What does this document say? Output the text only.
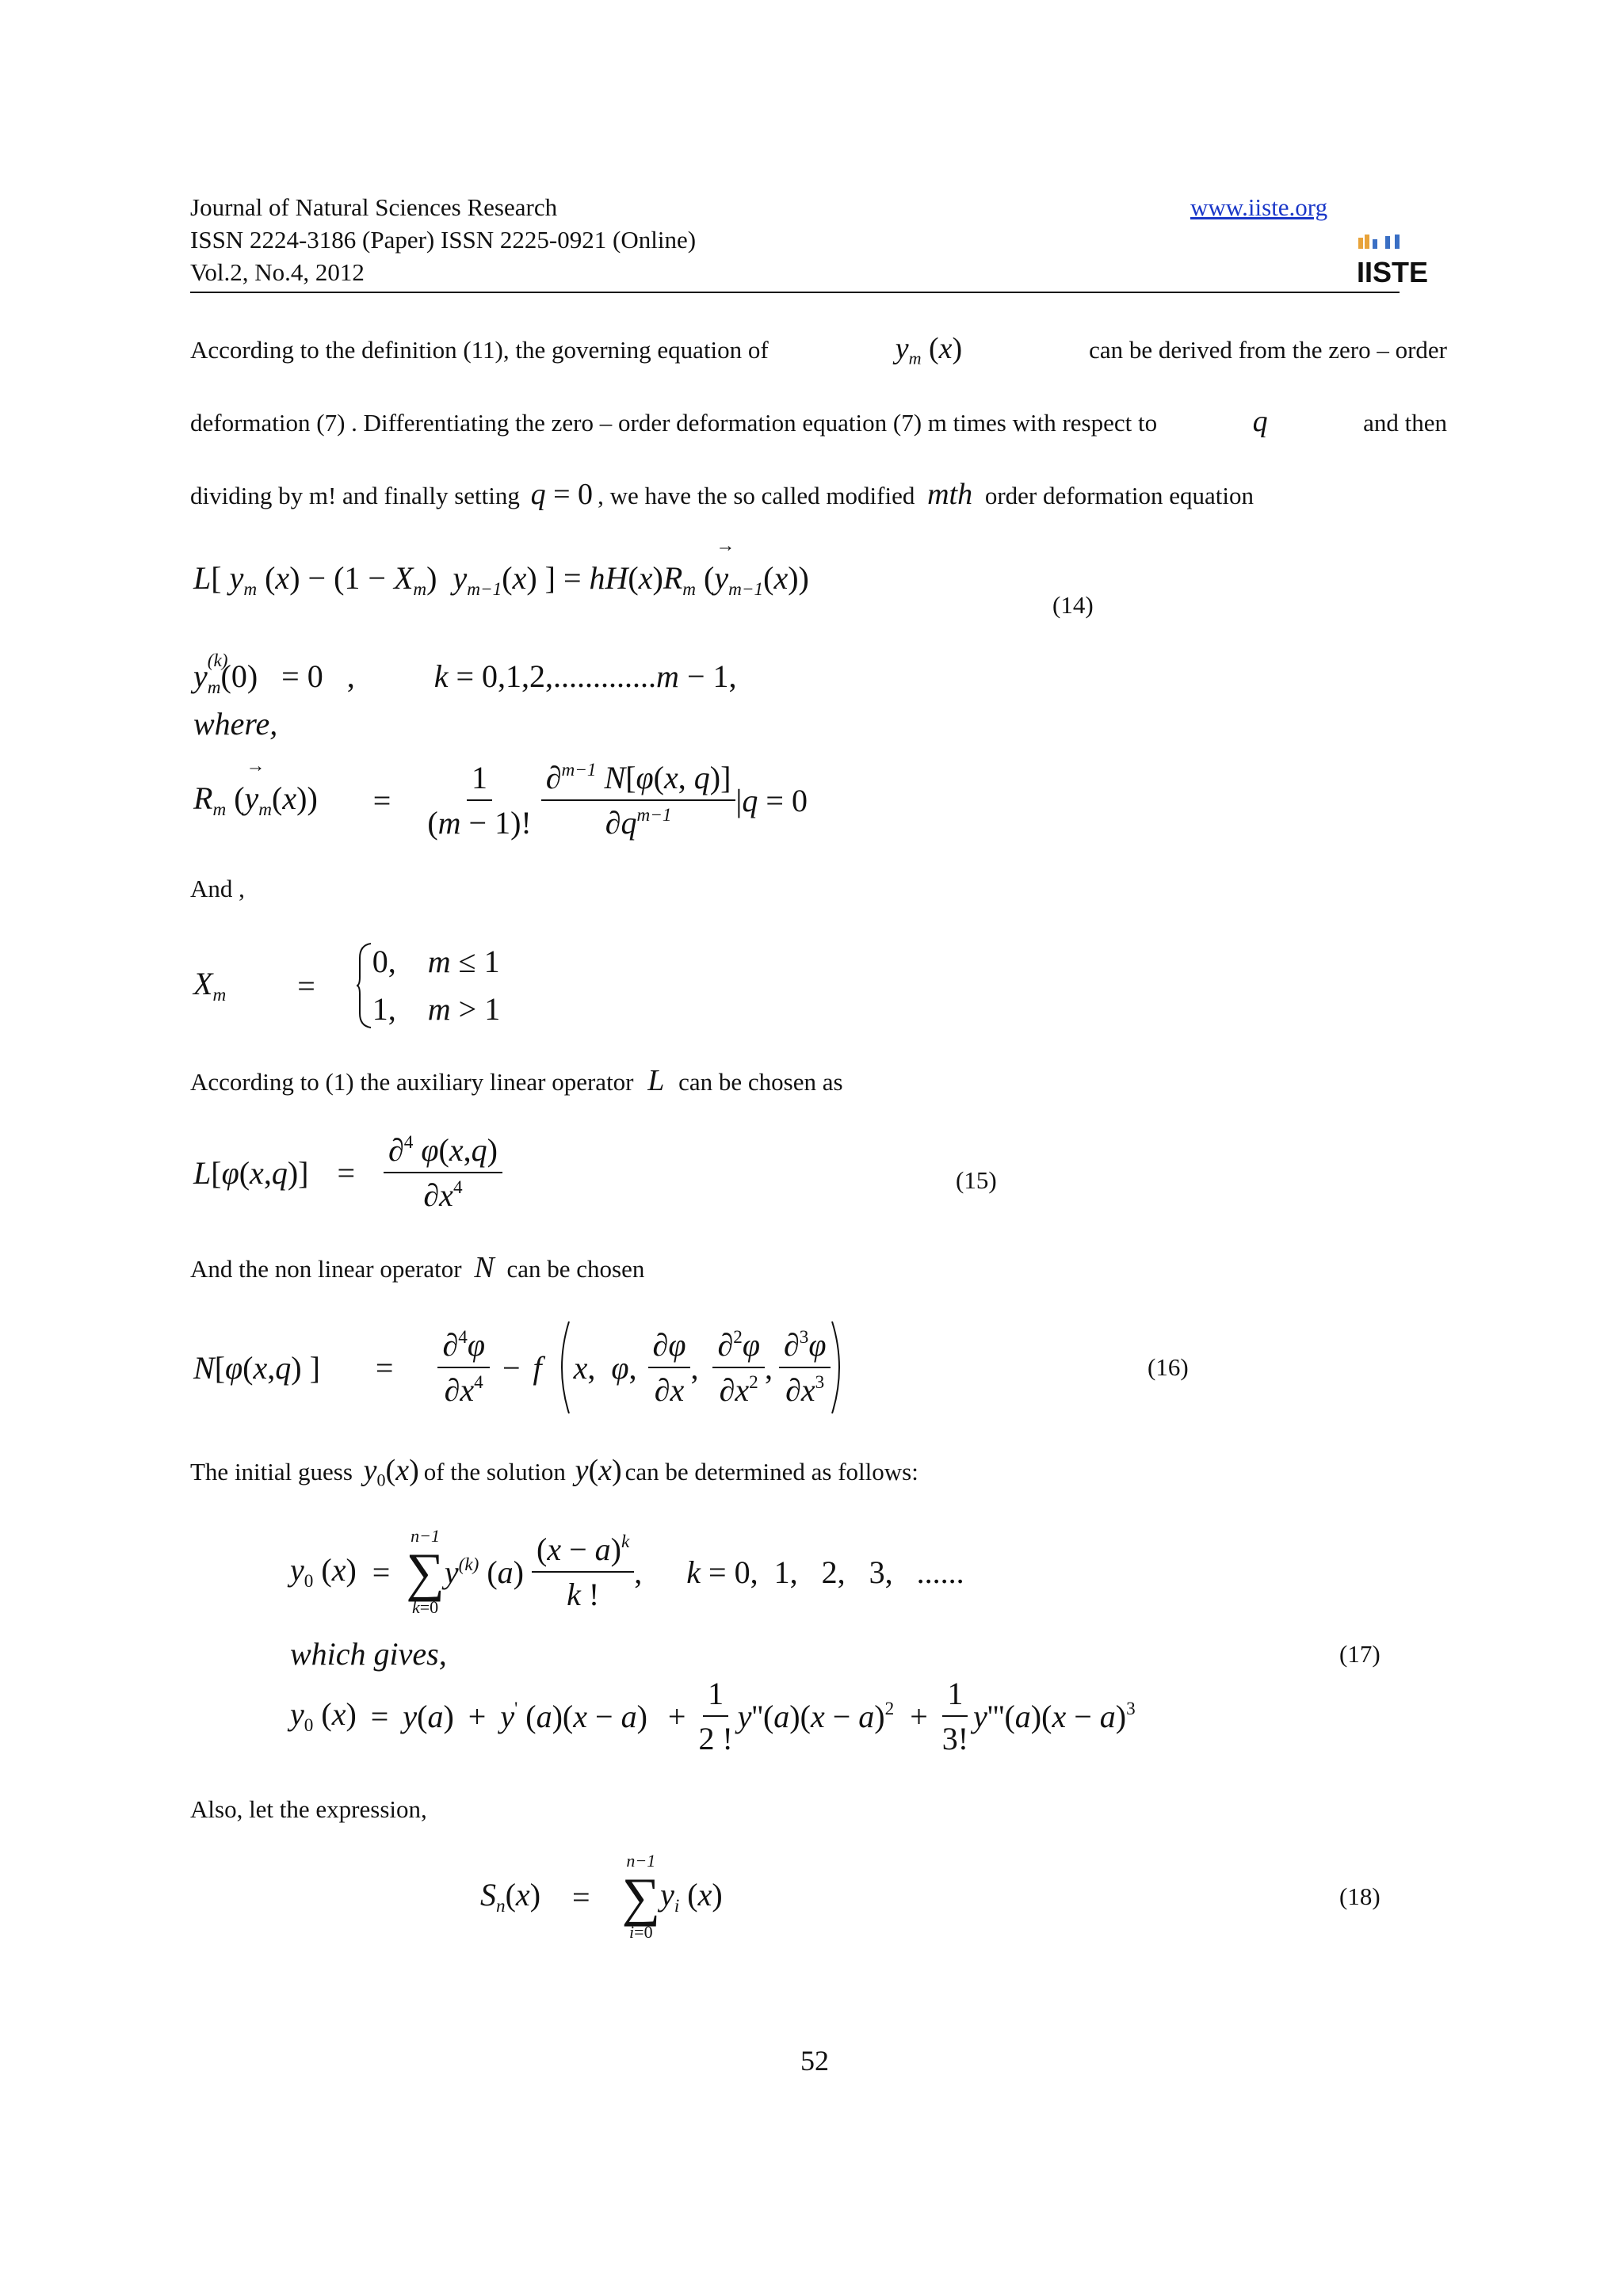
Journal of Natural Sciences Research
ISSN 2224-3186 (Paper) ISSN 2225-0921 (Online)
Vol.2, No.4, 2012
www.iiste.org
IISTE
According to the definition (11), the governing equation of	$y_m$ (x)	can be derived from the zero – order
deformation (7) . Differentiating the zero – order deformation equation (7) m times with respect to	q	and then
dividing by m! and finally setting q = 0 , we have the so called modified mth order deformation equation
L[ $y_m$ $(x) - (1 - X_m)$  $y_{m-1}(x)$ ] = $hH(x)R_m$ (y
→
$_{m-1}$(x))
(14)
y $_{(k) m}$(0)   = 0   ,          k = 0,1,2,.............m − 1,
where,
$R_m$ (y
→
$_m(x)) = \frac{1}{(m - 1)!} \frac{\partial^{m-1} N[\varphi(x, q)]}{\partial q^{m-1}}$ | q = 0
And ,
$X_m$ =
0,    m ≤ 1
1,    m > 1
According to (1) the auxiliary linear operator L can be chosen as
$L[\varphi(x,q)] = \frac{\partial^4 \varphi(x,q)}{\partial x^4}$	(15)
And the non linear operator N can be chosen
N[φ(x,q) ] = $\frac{\partial^4\varphi}{\partial x^4} - f$ x,  φ, $\frac{\partial\varphi}{\partial x}$ , $\frac{\partial^2\varphi}{\partial x^2}$ , $\frac{\partial^3\varphi}{\partial x^3}$	(16)
The initial guess $y_0(x)$ of the solution y(x) can be determined as follows:
$y_0$ (x) =
n−1
∑
k=0
$y^{(k)}$ $(a) \frac{(x - a)^k}{k !}$ , k = 0,  1,   2,   3,   ......
which gives,	(17)
$y_0$ (x) = y(a) + y' $(a)(x - a) + \frac{1}{2 !} y''(a)(x - a)^2 + \frac{1}{3!} y'''(a)(x - a)^3$
Also, let the expression,
$S_n(x)$ =
n−1
∑
i=0
$y_i$ (x)	(18)
52
